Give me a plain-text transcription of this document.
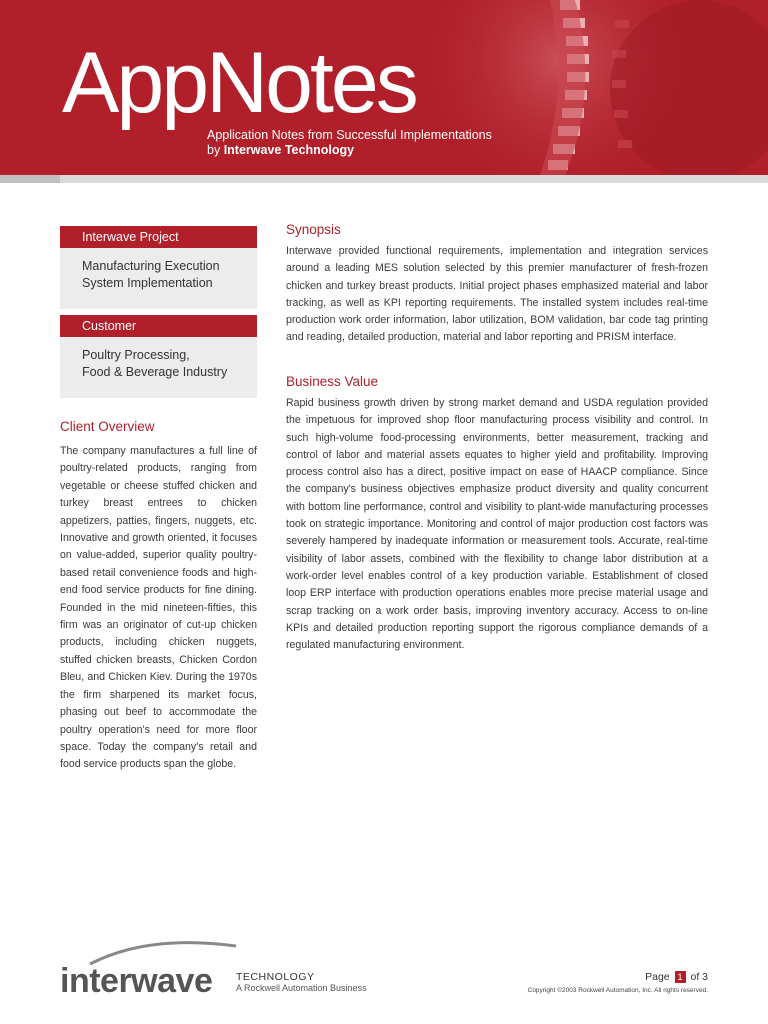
AppNotes
Application Notes from Successful Implementations
by Interwave Technology
Interwave Project
Manufacturing Execution
System Implementation
Customer
Poultry Processing,
Food & Beverage Industry
Client Overview
The company manufactures a full line of poultry-related products, ranging from vegetable or cheese stuffed chicken and turkey breast entrees to chicken appetizers, patties, fingers, nuggets, etc. Innovative and growth oriented, it focuses on value-added, superior quality poultry-based retail convenience foods and high-end food service products for fine dining. Founded in the mid nineteen-fifties, this firm was an originator of cut-up chicken products, including chicken nuggets, stuffed chicken breasts, Chicken Cordon Bleu, and Chicken Kiev. During the 1970s the firm sharpened its market focus, phasing out beef to accommodate the poultry operation's need for more floor space. Today the company's retail and food service products span the globe.
Synopsis
Interwave provided functional requirements, implementation and integration services around a leading MES solution selected by this premier manufacturer of fresh-frozen chicken and turkey breast products. Initial project phases emphasized material and labor tracking, as well as KPI reporting requirements. The installed system includes real-time production work order information, labor utilization, BOM validation, bar code tag printing and reading, detailed production, material and labor reporting and PRISM interface.
Business Value
Rapid business growth driven by strong market demand and USDA regulation provided the impetuous for improved shop floor manufacturing process visibility and control. In such high-volume food-processing environments, better measurement, tracking and control of labor and material assets equates to higher yield and profitability. Improving process control also has a direct, positive impact on ease of HAACP compliance. Since the company's business objectives emphasize product diversity and quality concurrent with bottom line performance, control and visibility to plant-wide manufacturing processes took on strategic importance. Monitoring and control of major production cost factors was severely hampered by inadequate information or measurement tools. Accurate, real-time visibility of labor assets, combined with the flexibility to change labor distribution at a work-order level enables control of a key production variable. Establishment of closed loop ERP interface with production operations enables more precise material usage and scrap tracking on a work order basis, improving inventory accuracy. Access to on-line KPIs and detailed production reporting support the rigorous compliance demands of a regulated manufacturing environment.
interwave TECHNOLOGY
A Rockwell Automation Business
Page 1 of 3
Copyright ©2003 Rockwell Automation, Inc. All rights reserved.
